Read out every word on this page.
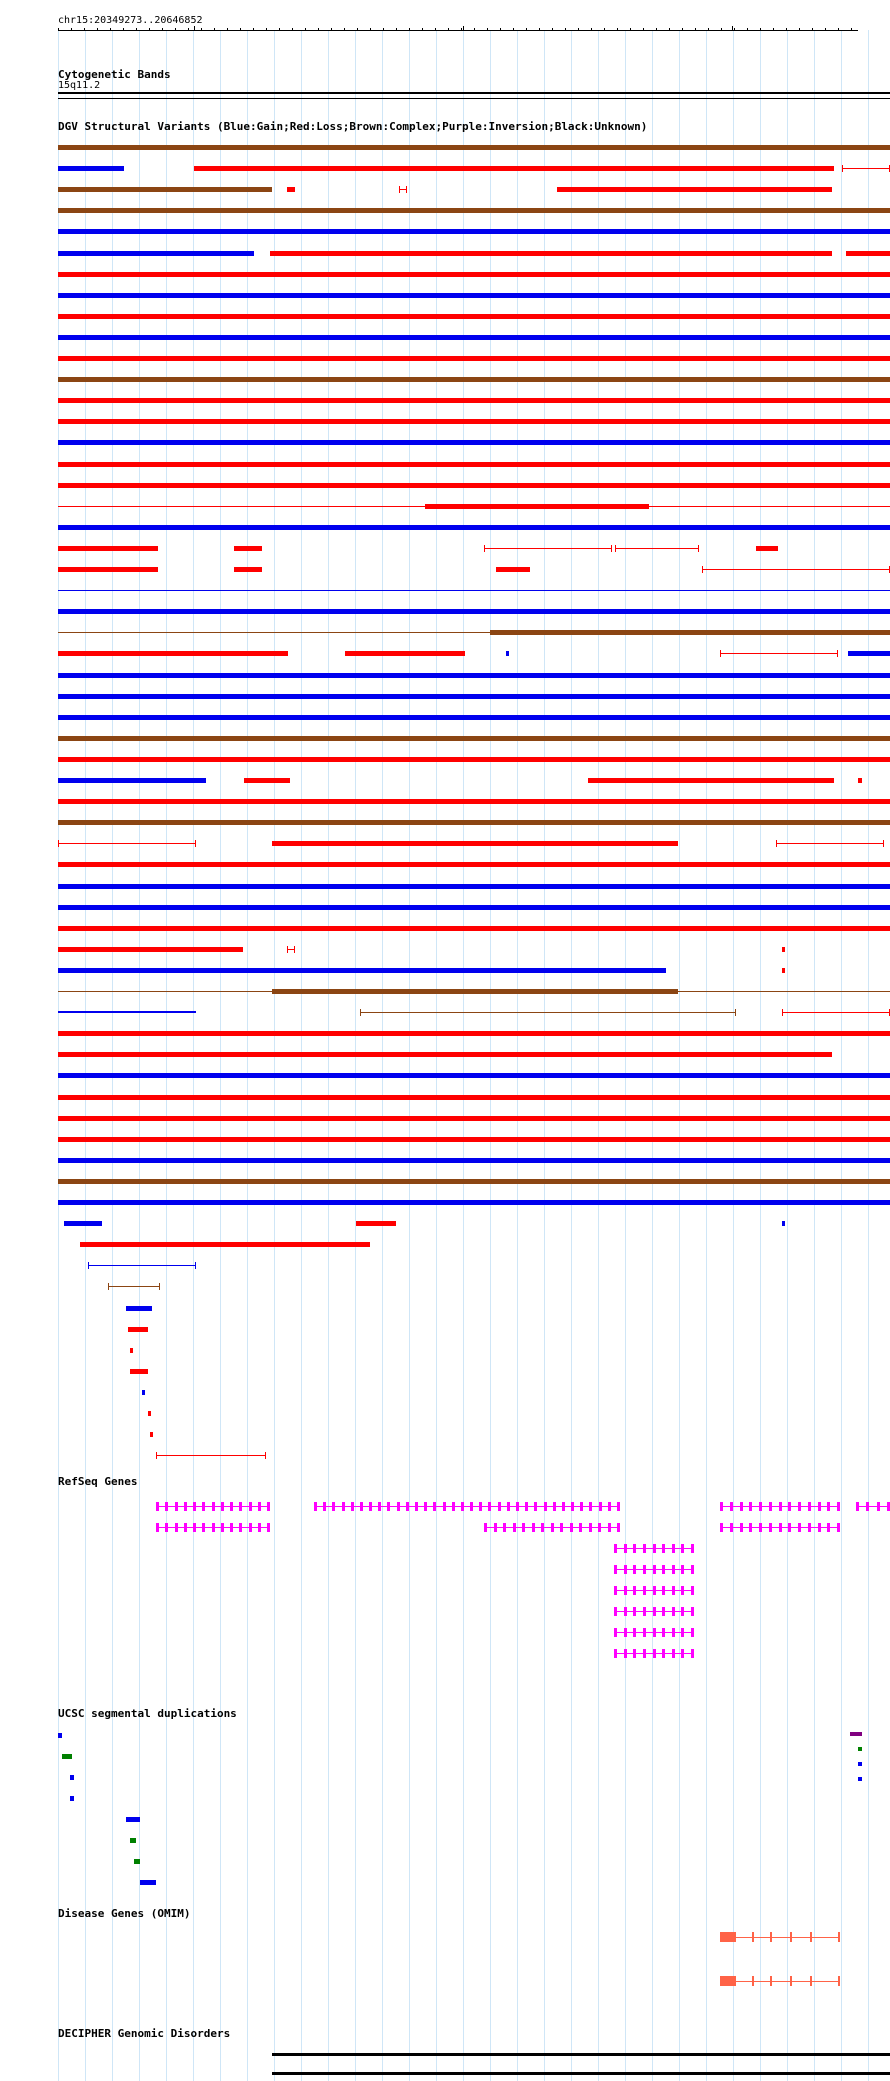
chr15:20349273..20646852
Cytogenetic Bands
15q11.2
DGV Structural Variants (Blue:Gain;Red:Loss;Brown:Complex;Purple:Inversion;Black:Unknown)
RefSeq Genes
UCSC segmental duplications
Disease Genes (OMIM)
DECIPHER Genomic Disorders
